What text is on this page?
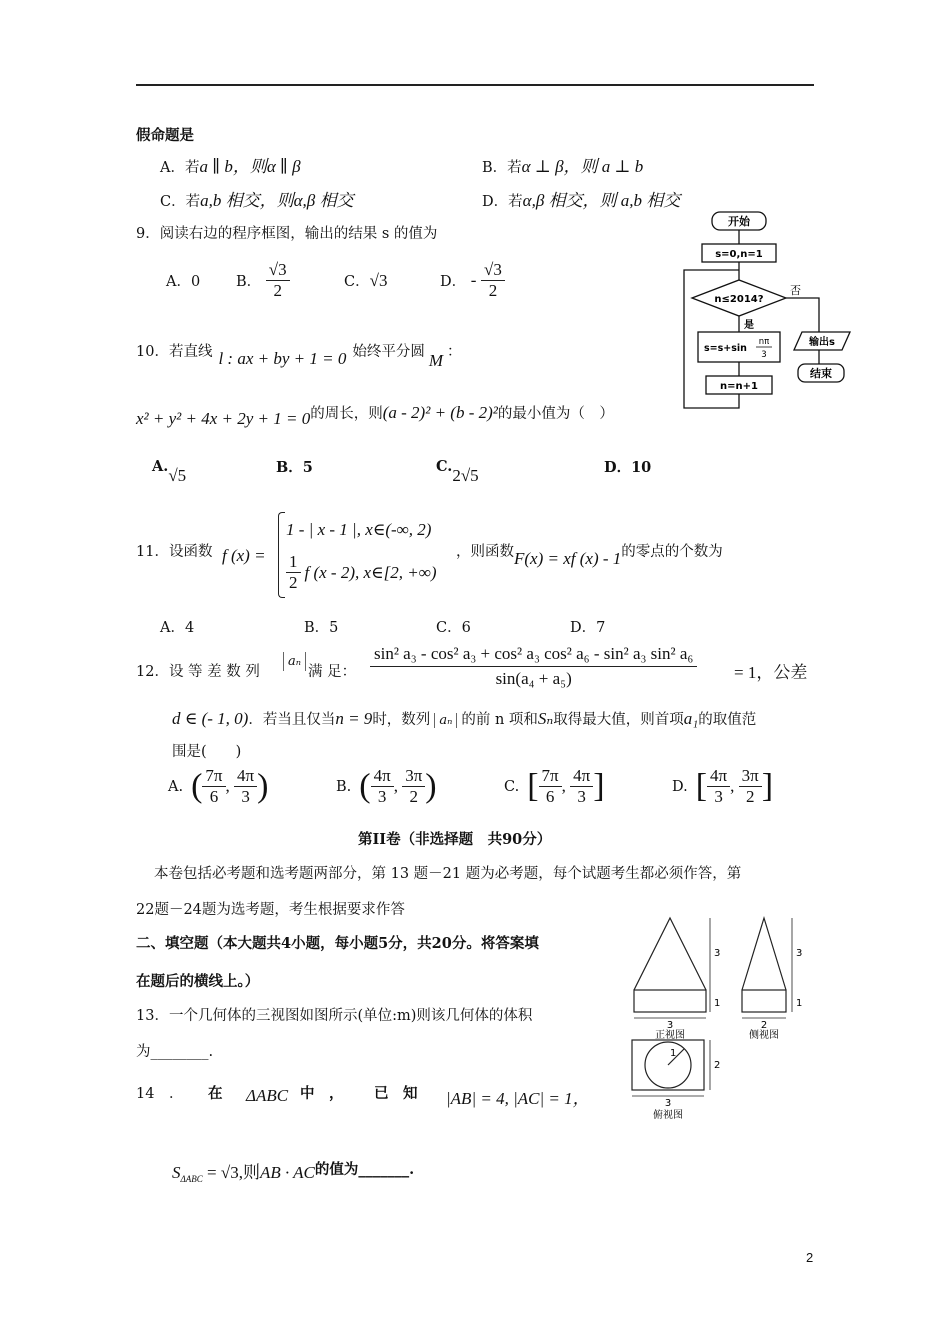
假命题是
A．若a ∥ b，则α ∥ β	B．若α ⊥ β，则 a ⊥ b
C．若a,b 相交，则α,β 相交	D．若α,β 相交，则 a,b 相交
9．阅读右边的程序框图，输出的结果 s 的值为
A．0 B． $\frac{√3}{2}$	C．√3	D． - $\frac{√3}{2}$
开始
s=0,n=1
n≤2014?
否
是
s=s+sin
nπ
3
n=n+1
输出s
结束
10．若直线 l : ax + by + 1 = 0 始终平分圆 M ：
x² + y² + 4x + 2y + 1 = 0的周长，则(a - 2)² + (b - 2)²的最小值为（　）
A.√5	B．5	C.2√5	D．10
11．设函数 f (x) =
1 - | x - 1 |, x∈(-∞, 2)
$\frac{1}{2}$ f (x - 2), x∈[2, +∞)
，则函数F(x) = xf (x) - 1的零点的个数为
A．4	B．5	C．6	D．7
12．设 等 差 数 列
aₙ
满 足： $\frac{\text{sin² a₃ - cos² a₃ + cos² a₃ cos² a₆ - sin² a₃ sin² a₆}}{\text{sin(a₄ + a₅)}} = 1$，公差
d ∈ (- 1, 0)．若当且仅当n = 9时，数列 aₙ 的前 n 项和Sₙ取得最大值，则首项a₁的取值范
围是(　　)
A. ( $\frac{7\pi}{6}$ , $\frac{4\pi}{3}$ )	B. ( $\frac{4\pi}{3}$ , $\frac{3\pi}{2}$ )	C. [ $\frac{7\pi}{6}$ , $\frac{4\pi}{3}$ ]	D. [ $\frac{4\pi}{3}$ , $\frac{3\pi}{2}$ ]
第II卷（非选择题　共90分）
本卷包括必考题和选考题两部分，第 13 题－21 题为必考题，每个试题考生都必须作答，第
22题－24题为选考题，考生根据要求作答
二、填空题（本大题共4小题，每小题5分，共20分。将答案填
在题后的横线上。）
13．一个几何体的三视图如图所示(单位:m)则该几何体的体积
为________.
3
1
3
正视图
3
1
2
侧视图
2
1
3
俯视图
14　． 在 ΔABC 中　， 已　知 |AB| = 4, |AC| = 1，
$S_{\Delta ABC} = √3$,则AB · AC的值为_______.
2
